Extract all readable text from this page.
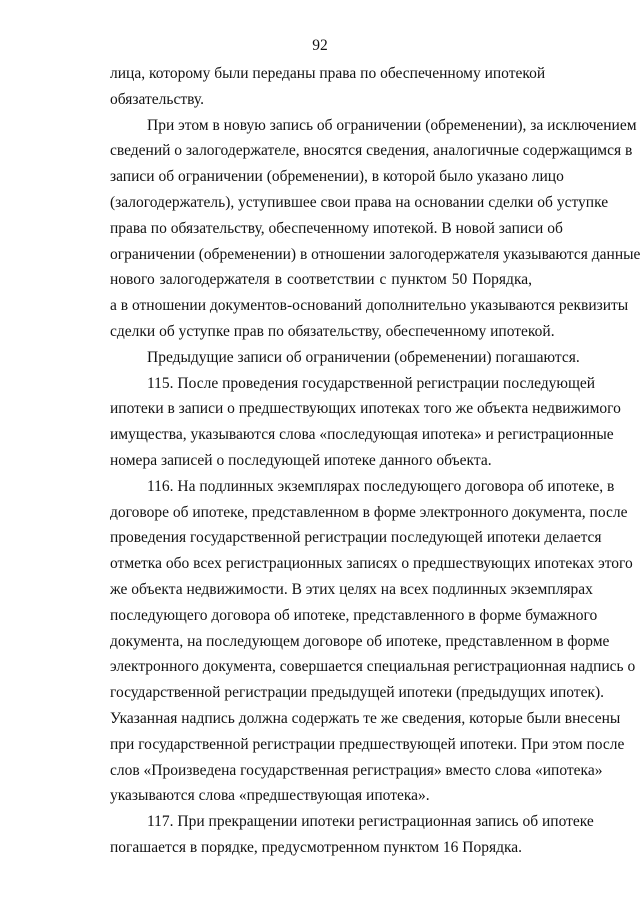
92

лица, которому были переданы права по обеспеченному ипотекой
обязательству.

При этом в новую запись об ограничении (обременении), за исключением
сведений о залогодержателе, вносятся сведения, аналогичные содержащимся в
записи об ограничении (обременении), в которой было указано лицо
(залогодержатель), уступившее свои права на основании сделки об уступке
права по обязательству, обеспеченному ипотекой. В новой записи об
ограничении (обременении) в отношении залогодержателя указываются данные
нового залогодержателя в соответствии с пунктом 50 Порядка,
а в отношении документов-оснований дополнительно указываются реквизиты
сделки об уступке прав по обязательству, обеспеченному ипотекой.

Предыдущие записи об ограничении (обременении) погашаются.

115. После проведения государственной регистрации последующей
ипотеки в записи о предшествующих ипотеках того же объекта недвижимого
имущества, указываются слова «последующая ипотека» и регистрационные
номера записей о последующей ипотеке данного объекта.

116. На подлинных экземплярах последующего договора об ипотеке, в
договоре об ипотеке, представленном в форме электронного документа, после
проведения государственной регистрации последующей ипотеки делается
отметка обо всех регистрационных записях о предшествующих ипотеках этого
же объекта недвижимости. В этих целях на всех подлинных экземплярах
последующего договора об ипотеке, представленного в форме бумажного
документа, на последующем договоре об ипотеке, представленном в форме
электронного документа, совершается специальная регистрационная надпись о
государственной регистрации предыдущей ипотеки (предыдущих ипотек).
Указанная надпись должна содержать те же сведения, которые были внесены
при государственной регистрации предшествующей ипотеки. При этом после
слов «Произведена государственная регистрация» вместо слова «ипотека»
указываются слова «предшествующая ипотека».

117. При прекращении ипотеки регистрационная запись об ипотеке
погашается в порядке, предусмотренном пунктом 16 Порядка.
